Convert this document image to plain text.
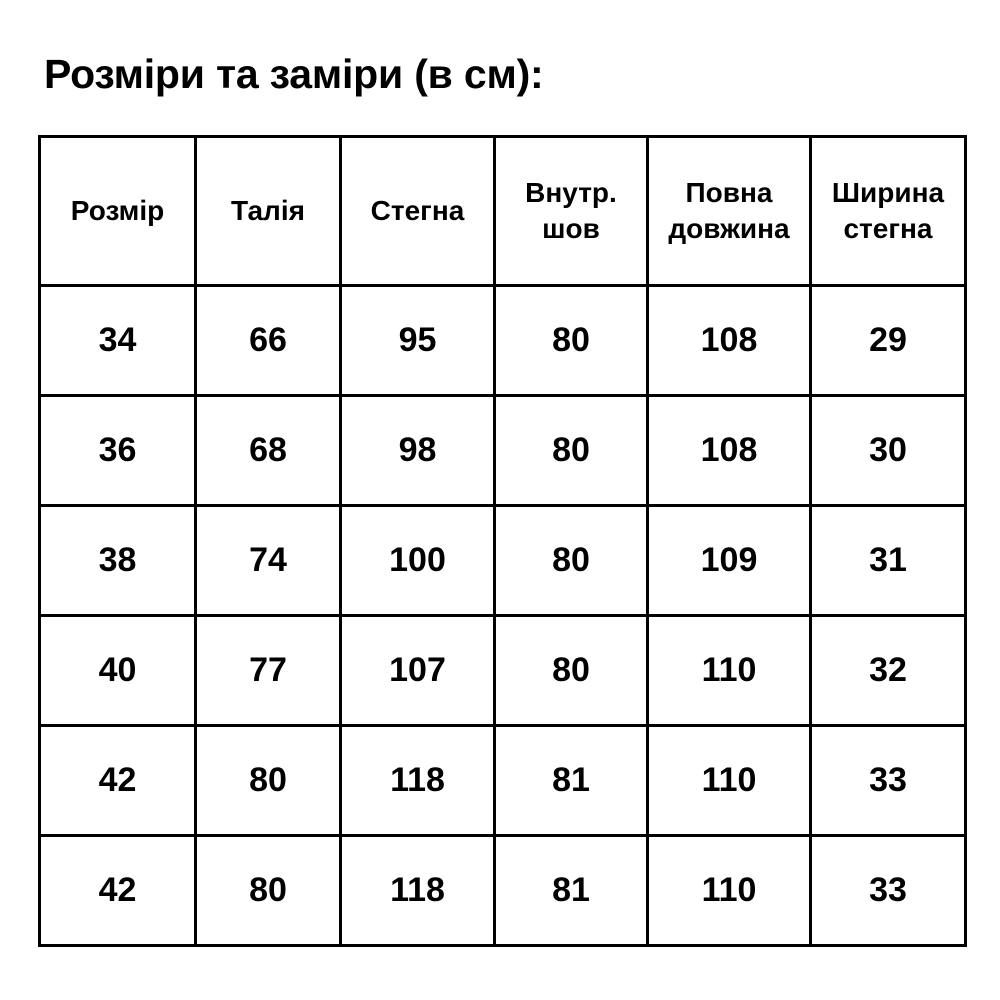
Розміри та заміри (в см):
Розмір	Талія	Стегна	Внутр. шов	Повна довжина	Ширина стегна
34	66	95	80	108	29
36	68	98	80	108	30
38	74	100	80	109	31
40	77	107	80	110	32
42	80	118	81	110	33
42	80	118	81	110	33
